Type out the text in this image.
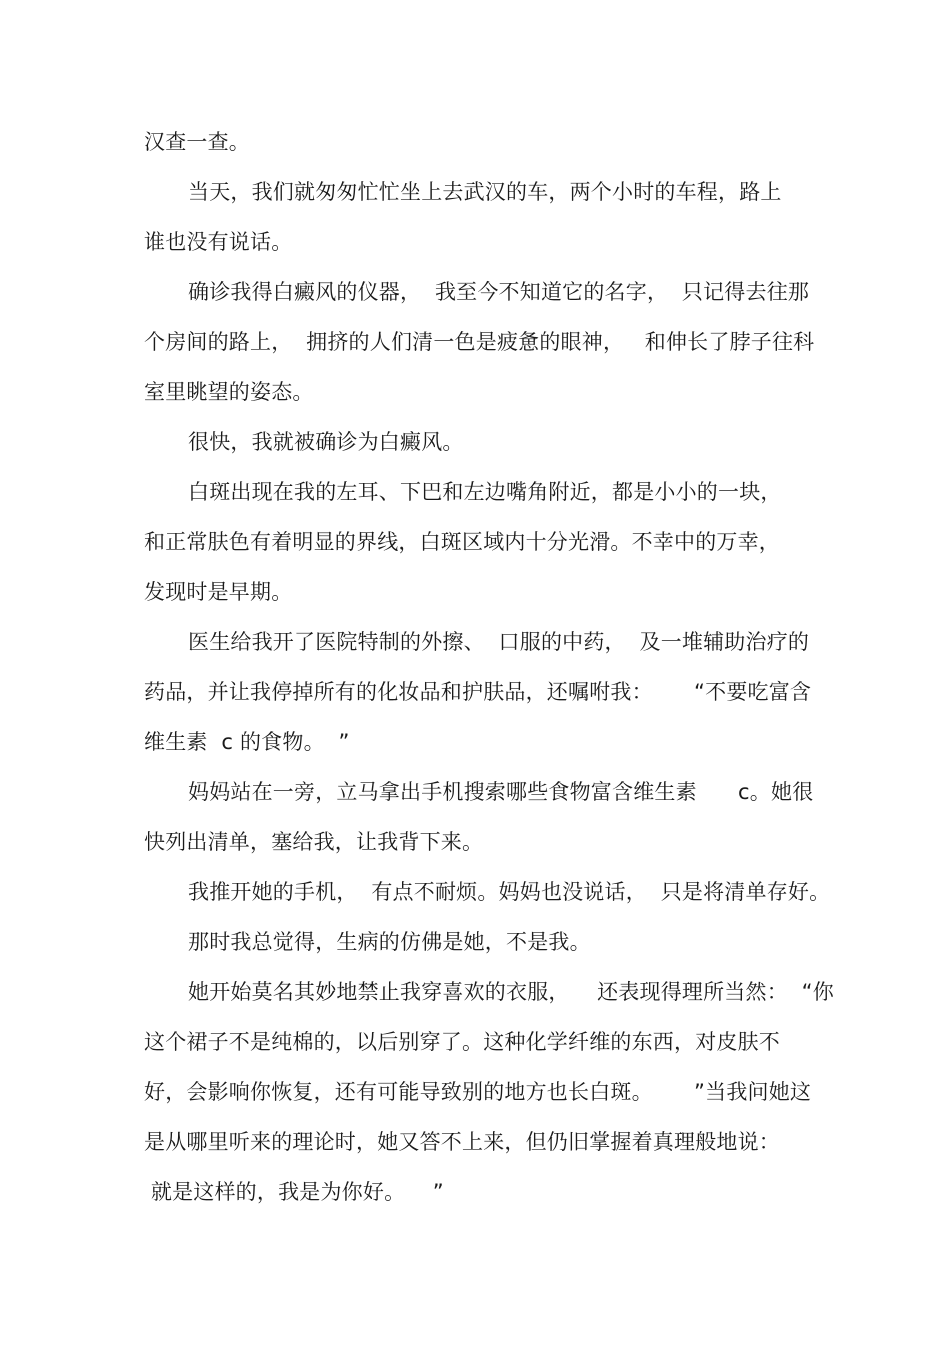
汉查一查。
当天，我们就匆匆忙忙坐上去武汉的车，两个小时的车程，路上
谁也没有说话。
确诊我得白癜风的仪器，  我至今不知道它的名字，  只记得去往那
个房间的路上，  拥挤的人们清一色是疲惫的眼神，   和伸长了脖子往科
室里眺望的姿态。
很快，我就被确诊为白癜风。
白斑出现在我的左耳、下巴和左边嘴角附近，都是小小的一块，
和正常肤色有着明显的界线，白斑区域内十分光滑。不幸中的万幸，
发现时是早期。
医生给我开了医院特制的外擦、  口服的中药，  及一堆辅助治疗的
药品，并让我停掉所有的化妆品和护肤品，还嘱咐我：      “不要吃富含
维生素  c 的食物。  ”
妈妈站在一旁，立马拿出手机搜索哪些食物富含维生素      c。她很
快列出清单，塞给我，让我背下来。
我推开她的手机，  有点不耐烦。妈妈也没说话，  只是将清单存好。
那时我总觉得，生病的仿佛是她，不是我。
她开始莫名其妙地禁止我穿喜欢的衣服，    还表现得理所当然：  “你
这个裙子不是纯棉的，以后别穿了。这种化学纤维的东西，对皮肤不
好，会影响你恢复，还有可能导致别的地方也长白斑。      ”当我问她这
是从哪里听来的理论时，她又答不上来，但仍旧掌握着真理般地说：
就是这样的，我是为你好。    ”
